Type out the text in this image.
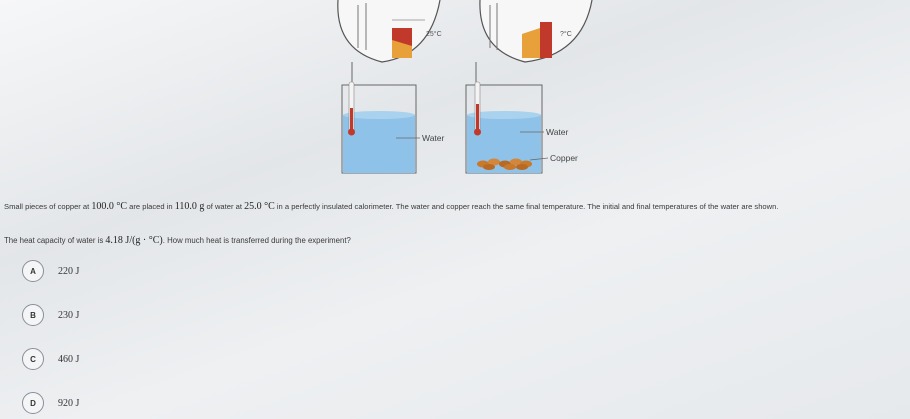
25°C	?°C
Water
Water
Copper
Small pieces of copper at 100.0 °C are placed in 110.0 g of water at 25.0 °C in a perfectly insulated calorimeter. The water and copper reach the same final temperature. The initial and final temperatures of the water are shown.
The heat capacity of water is 4.18 J/(g · °C). How much heat is transferred during the experiment?
A	220 J
B	230 J
C	460 J
D	920 J
